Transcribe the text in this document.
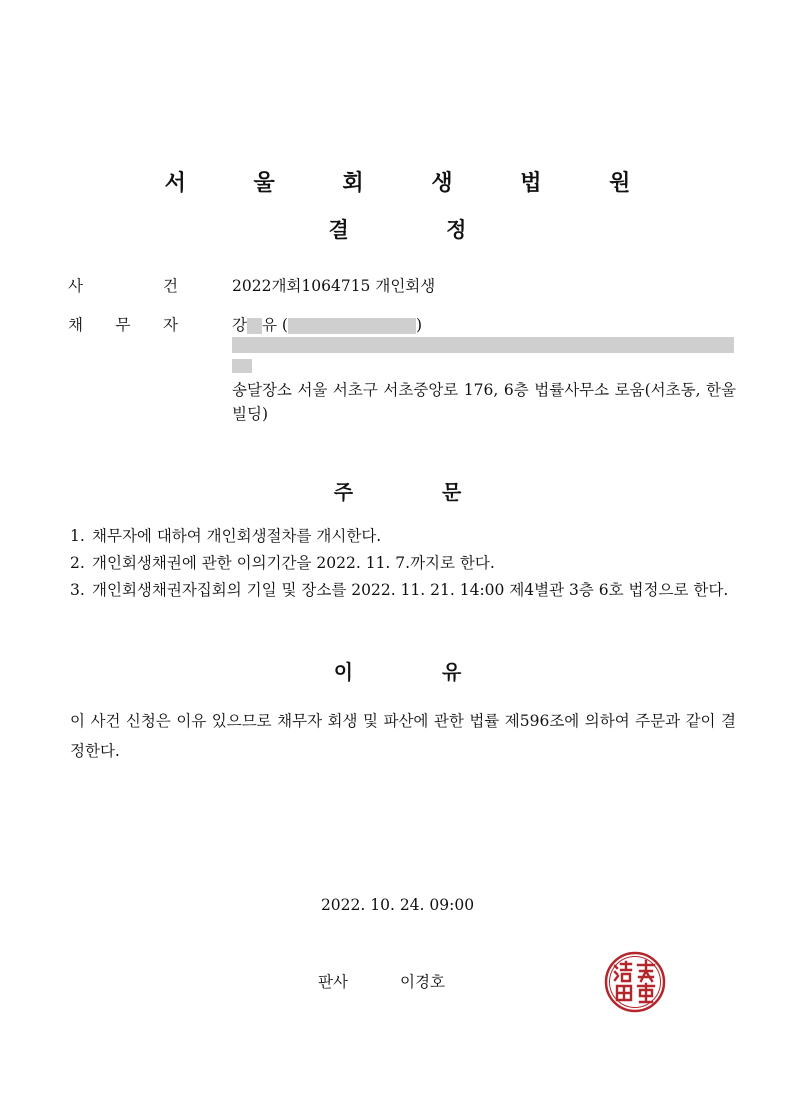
서 울 회 생 법 원
결 정
사	건	2022개회1064715 개인회생
채 무 자	강 유 (	)
송달장소 서울 서초구 서초중앙로 176, 6층 법률사무소 로움(서초동, 한울빌딩)
주 문
1. 채무자에 대하여 개인회생절차를 개시한다.
2. 개인회생채권에 관한 이의기간을 2022. 11. 7.까지로 한다.
3. 개인회생채권자집회의 기일 및 장소를 2022. 11. 21. 14:00 제4별관 3층 6호 법정으로 한다.
이 유
이 사건 신청은 이유 있으므로 채무자 회생 및 파산에 관한 법률 제596조에 의하여 주문과 같이 결정한다.
2022. 10. 24. 09:00
판사	이경호
